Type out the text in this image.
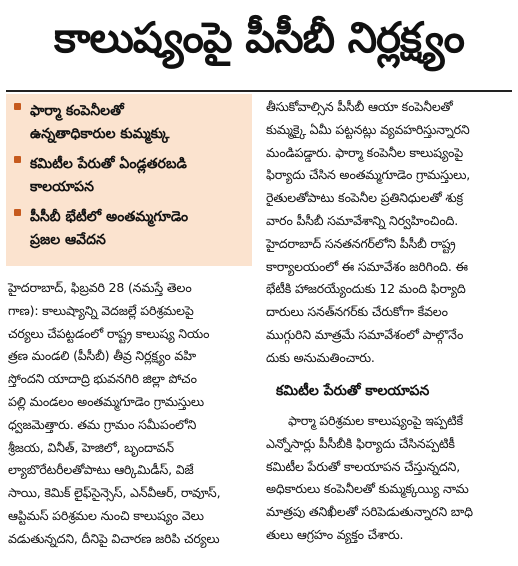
కాలుష్యంపై పీసీబీ నిర్లక్ష్యం
ఫార్మా కంపెనీలతో
ఉన్నతాధికారుల కుమ్మక్కు
కమిటీల పేరుతో ఏండ్లతరబడి
కాలయాపన
పీసీబీ భేటీలో అంతమ్మగూడెం
ప్రజల ఆవేదన
హైదరాబాద్‌, ఫిబ్రవరి 28 (నమస్తే తెలం
గాణ): కాలుష్యాన్ని వెదజల్లే పరిశ్రమలపై
చర్యలు చేపట్టడంలో రాష్ట్ర కాలుష్య నియం
త్రణ మండలి (పీసీబీ) తీవ్ర నిర్లక్ష్యం వహి
స్తోందని యాదాద్రి భువనగిరి జిల్లా పోచం
పల్లి మండలం అంతమ్మగూడెం గ్రామస్తులు
ధ్వజమెత్తారు. తమ గ్రామం సమీపంలోని
శ్రీజయ, వినీత్‌, హెజిలో, బృందావన్‌
ల్యాబొరేటరీలతోపాటు ఆర్కిమిడీస్‌, విజే
సాయి, కెమిక్‌ లైఫ్‌సైన్సెస్‌, ఎన్‌వీఆర్‌, రావూస్‌,
ఆప్టిమస్‌ పరిశ్రమల నుంచి కాలుష్యం వెలు
వడుతున్నదని, దీనిపై విచారణ జరిపి చర్యలు
తీసుకోవాల్సిన పీసీబీ ఆయా కంపెనీలతో
కుమ్మక్కై ఏమీ పట్టనట్లు వ్యవహరిస్తున్నారని
మండిపడ్డారు. ఫార్మా కంపెనీల కాలుష్యంపై
ఫిర్యాదు చేసిన అంతమ్మగూడెం గ్రామస్తులు,
రైతులతోపాటు కంపెనీల ప్రతినిధులతో శుక్ర
వారం పీసీబీ సమావేశాన్ని నిర్వహించింది.
హైదరాబాద్‌ సనతనగర్‌లోని పీసీబీ రాష్ట్ర
కార్యాలయంలో ఈ సమావేశం జరిగింది. ఈ
భేటీకి హాజరయ్యేందుకు 12 మంది ఫిర్యాది
దారులు సనత్‌నగర్‌కు చేరుకోగా కేవలం
ముగ్గురిని మాత్రమే సమావేశంలో పాల్గొనేం
దుకు అనుమతించారు.
కమిటీల పేరుతో కాలయాపన
ఫార్మా పరిశ్రమల కాలుష్యంపై ఇప్పటికే
ఎన్నోసార్లు పీసీబీకి ఫిర్యాదు చేసినప్పటికీ
కమిటీల పేరుతో కాలయాపన చేస్తున్నదని,
అధికారులు కంపెనీలతో కుమ్మక్కయ్యి నామ
మాత్రపు తనిఖీలతో సరిపెడుతున్నారని బాధి
తులు ఆగ్రహం వ్యక్తం చేశారు.
